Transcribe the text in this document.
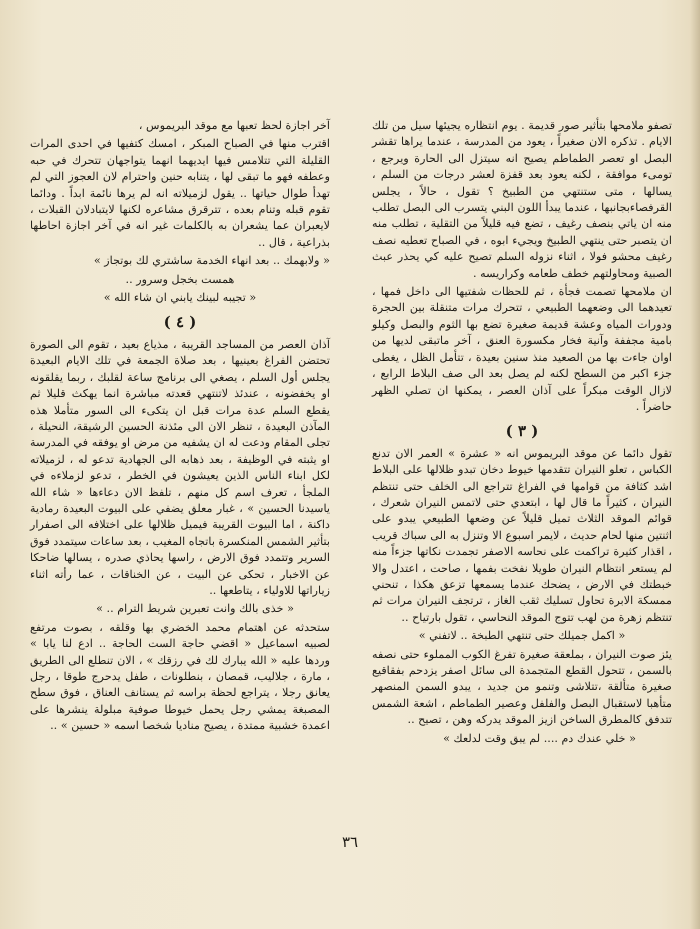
تصفو ملامحها بتأثير صور قديمة . يوم انتظاره يجيئها سيل من تلك الايام . تذكره الان صغيراً ، يعود من المدرسة ، عندما يراها تقشر البصل او تعصر الطماطم يصيح انه سيتزل الى الحارة ويرجع ، تومىء موافقة ، لكنه يعود بعد قفزة لعشر درجات من السلم ، يسالها ، متى ستنتهي من الطبيخ ؟ تقول ، حالاً ، يجلس القرفصاءبجانبها ، عندما يبدأ اللون البني يتسرب الى البصل تطلب منه ان ياتي بنصف رغيف ، تضع فيه قليلاً من التقلية ، تطلب منه ان يتصبر حتى ينتهي الطبيخ ويجيء ابوه ، في الصباح تعطيه نصف رغيف محشو فولا ، اثناء نزوله السلم تصيح عليه كي يحذر عبث الصبية ومحاولتهم خطف طعامه وكراريسه .

ان ملامحها تصمت فجأة ، ثم للحظات شفتيها الى داخل فمها ، تعيدهما الى وضعهما الطبيعي ، تتحرك مرات متنقلة بين الحجرة ودورات المياه وعشة قديمة صغيرة تضع بها الثوم والبصل وكيلو بامية مجففة وآنية فخار مكسورة العنق ، آخر ماتبقى لديها من اوان جاءت بها من الصعيد منذ سنين بعيدة ، تتأمل الظل ، يغطى جزء اكبر من السطح لكنه لم يصل بعد الى صف البلاط الرابع ، لازال الوقت مبكراً على آذان العصر ، يمكنها ان تصلي الظهر حاضراً .

( ٣ )

تقول دائما عن موقد البريموس انه « عشرة » العمر الان تدنع الكباس ، تعلو النيران تتقدمها خيوط دخان تبدو ظلالها على البلاط اشد كثافة من قوامها في الفراغ تتراجع الى الخلف حتى تنتظم النيران ، كثيراً ما قال لها ، ابتعدي حتى لاتمس النيران شعرك ، قوائم الموقد الثلاث تميل قليلاً عن وضعها الطبيعي يبدو على اثنتين منها لحام حديث ، لايمر اسبوع الا وتنزل به الى سباك قريب ، اقذار كثيرة تراكمت على نحاسه الاصفر تجمدت نكاتها جزءاً منه لم يستعر انتظام النيران طويلا نفخت بفمها ، صاحت ، اعتدل والا خبطتك في الارض ، يضحك عندما يسمعها تزعق هكذا ، تنحني ممسكة الابرة تحاول تسليك ثقب الغاز ، ترتجف النيران مرات ثم تنتظم زهرة من لهب تتوج الموقد النحاسي ، تقول بارتياح ..

« اكمل جميلك حتى تنتهي الطبخة .. لاتفني »

يئز صوت النيران ، بملعقة صغيرة تفرغ الكوب المملوء حتى نصفه بالسمن ، تتحول القطع المتجمدة الى سائل اصفر يزدحم بفقاقيع صغيرة متألقة ،تتلاشى وتنمو من جديد ، يبدو السمن المنصهر متأهبا لاستقبال البصل والفلفل وعصير الطماطم ، اشعة الشمس تتدفق كالمطرق الساخن ازيز الموقد يدركه وهن ، تصيح ..

« خلي عندك دم .... لم يبق وقت لدلعك »

آخر اجازة لحظ تعبها مع موقد البريموس ،

اقترب منها في الصباح المبكر ، امسك كتفيها في احدى المرات القليلة التي تتلامس فيها ايديهما انهما يتواجهان تتحرك في حبه وعطفه فهو ما تبقى لها ، يتنابه حنين واحترام لان العجوز التي لم تهدأ طوال حياتها .. يقول لزميلاته انه لم يرها نائمة ابداً . ودائما تقوم قبله وتنام بعده ، تترقرق مشاعره لكنها لايتبادلان القبلات ، لايعبران عما يشعران به بالكلمات غير انه في آخر اجازة احاطها بذراعية ، قال ..

« ولابهمك .. بعد انهاء الخدمة ساشتري لك بوتجاز »

همست بخجل وسرور ..

« تجيبه لبينك يابني ان شاء الله »

( ٤ )

آذان العصر من المساجد القريبة ، مذياع بعيد ، تقوم الى الصورة تحتضن الفراغ بعينيها ، بعد صلاة الجمعة في تلك الايام البعيدة يجلس أول السلم ، يصغي الى برنامج ساعة لقلبك ، ربما يقلقونه او يخفضونه ، عندئذ لاتنتهي قعدته مباشرة انما يهكث قليلا ثم يقطع السلم عدة مرات قبل ان يتكىء الى السور متأملا هذه المآذن البعيدة ، تنظر الان الى مئذنة الحسين الرشيقة، النحيلة ، تجلى المقام ودعت له ان يشفيه من مرض او يوفقه في المدرسة او يثبته في الوظيفة ، بعد ذهابه الى الجهادية تدعو له ، لزميلاته لكل ابناء الناس الذين يعيشون في الخطر ، تدعو لزملاءه في الملجأ ، تعرف اسم كل منهم ، تلفظ الان دعاءها « شاء الله ياسيدنا الحسين » ، غبار معلق يضفي على البيوت البعيدة رمادية داكنة ، اما البيوت القريبة فيميل ظلالها على اختلافه الى اصفرار بتأثير الشمس المنكسرة باتجاه المغيب ، بعد ساعات سيتمدد فوق السرير وتتمدد فوق الارض ، راسها يحاذي صدره ، يسالها ضاحكا عن الاخبار ، تحكى عن البيت ، عن الخناقات ، عما رأته اثناء زياراتها للاولياء ، يتاطعها ..

« خذى بالك وانت تعبرين شريط الترام .. »

ستحدثه عن اهتمام محمد الخضري بها وقلقه ، بصوت مرتفع لصبيه اسماعيل « اقضي حاجة الست الحاجة .. ادع لنا يابا » وردها عليه « الله يبارك لك في رزقك » ، الان تنطلع الى الطريق ، مارة ، جلاليب، قمصان ، بنطلونات ، طفل يدحرج طوقا ، رجل يعانق رجلا ، يتراجع لحظة براسه ثم يستانف العناق ، فوق سطح المصبغة يمشي رجل يحمل خيوطا صوفية مبلولة ينشرها على اعمدة خشبية ممتدة ، يصيح مناديا شخصا اسمه « حسين » ..

٣٦
